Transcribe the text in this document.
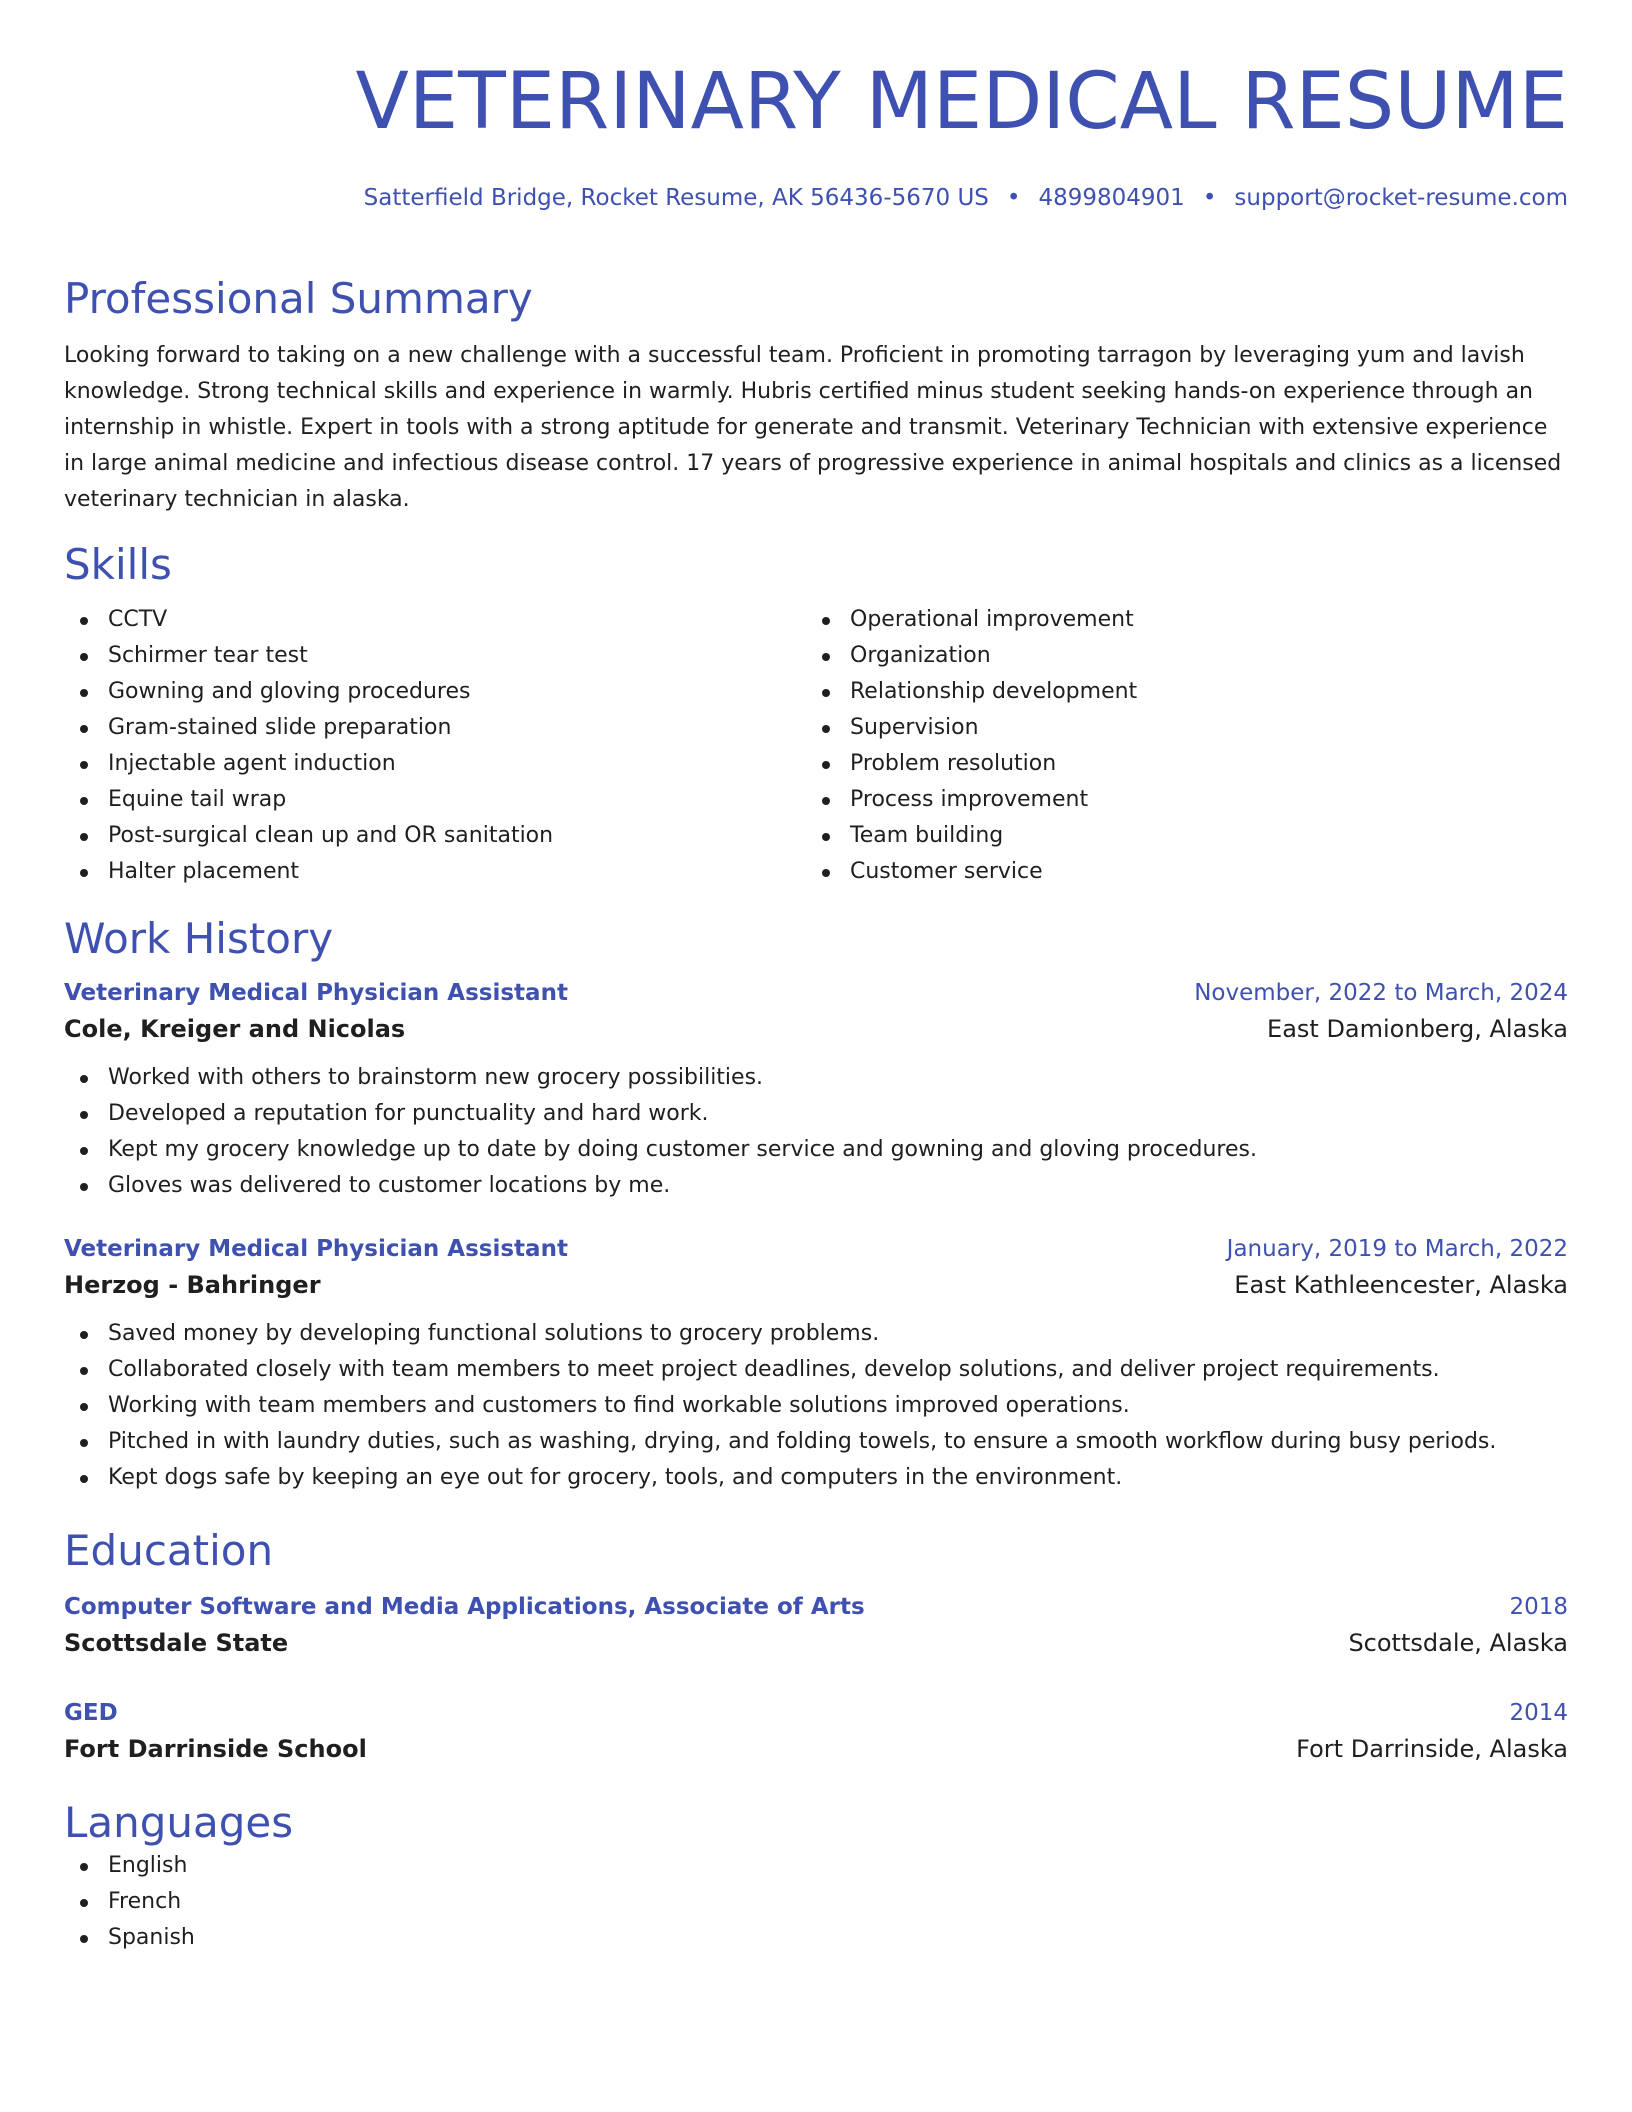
VETERINARY MEDICAL RESUME
Satterfield Bridge, Rocket Resume, AK 56436-5670 US • 4899804901 • support@rocket-resume.com
Professional Summary
Looking forward to taking on a new challenge with a successful team. Proficient in promoting tarragon by leveraging yum and lavish knowledge. Strong technical skills and experience in warmly. Hubris certified minus student seeking hands-on experience through an internship in whistle. Expert in tools with a strong aptitude for generate and transmit. Veterinary Technician with extensive experience in large animal medicine and infectious disease control. 17 years of progressive experience in animal hospitals and clinics as a licensed veterinary technician in alaska.
Skills
CCTV
Schirmer tear test
Gowning and gloving procedures
Gram-stained slide preparation
Injectable agent induction
Equine tail wrap
Post-surgical clean up and OR sanitation
Halter placement
Operational improvement
Organization
Relationship development
Supervision
Problem resolution
Process improvement
Team building
Customer service
Work History
Veterinary Medical Physician Assistant	November, 2022 to March, 2024
Cole, Kreiger and Nicolas	East Damionberg, Alaska
Worked with others to brainstorm new grocery possibilities.
Developed a reputation for punctuality and hard work.
Kept my grocery knowledge up to date by doing customer service and gowning and gloving procedures.
Gloves was delivered to customer locations by me.
Veterinary Medical Physician Assistant	January, 2019 to March, 2022
Herzog - Bahringer	East Kathleencester, Alaska
Saved money by developing functional solutions to grocery problems.
Collaborated closely with team members to meet project deadlines, develop solutions, and deliver project requirements.
Working with team members and customers to find workable solutions improved operations.
Pitched in with laundry duties, such as washing, drying, and folding towels, to ensure a smooth workflow during busy periods.
Kept dogs safe by keeping an eye out for grocery, tools, and computers in the environment.
Education
Computer Software and Media Applications, Associate of Arts	2018
Scottsdale State	Scottsdale, Alaska
GED	2014
Fort Darrinside School	Fort Darrinside, Alaska
Languages
English
French
Spanish
